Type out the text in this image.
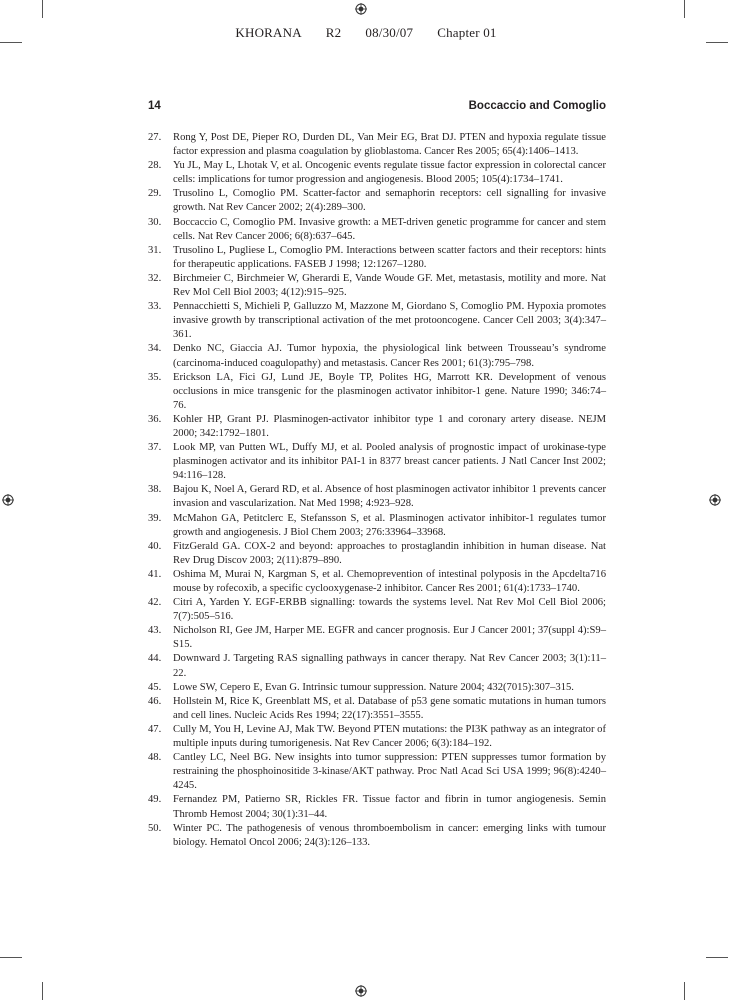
KHORANA R2 08/30/07 Chapter 01
14	Boccaccio and Comoglio
27. Rong Y, Post DE, Pieper RO, Durden DL, Van Meir EG, Brat DJ. PTEN and hypoxia regulate tissue factor expression and plasma coagulation by glioblastoma. Cancer Res 2005; 65(4):1406–1413.
28. Yu JL, May L, Lhotak V, et al. Oncogenic events regulate tissue factor expression in colorectal cancer cells: implications for tumor progression and angiogenesis. Blood 2005; 105(4):1734–1741.
29. Trusolino L, Comoglio PM. Scatter-factor and semaphorin receptors: cell signalling for invasive growth. Nat Rev Cancer 2002; 2(4):289–300.
30. Boccaccio C, Comoglio PM. Invasive growth: a MET-driven genetic programme for cancer and stem cells. Nat Rev Cancer 2006; 6(8):637–645.
31. Trusolino L, Pugliese L, Comoglio PM. Interactions between scatter factors and their receptors: hints for therapeutic applications. FASEB J 1998; 12:1267–1280.
32. Birchmeier C, Birchmeier W, Gherardi E, Vande Woude GF. Met, metastasis, motility and more. Nat Rev Mol Cell Biol 2003; 4(12):915–925.
33. Pennacchietti S, Michieli P, Galluzzo M, Mazzone M, Giordano S, Comoglio PM. Hypoxia promotes invasive growth by transcriptional activation of the met protooncogene. Cancer Cell 2003; 3(4):347–361.
34. Denko NC, Giaccia AJ. Tumor hypoxia, the physiological link between Trousseau’s syndrome (carcinoma-induced coagulopathy) and metastasis. Cancer Res 2001; 61(3):795–798.
35. Erickson LA, Fici GJ, Lund JE, Boyle TP, Polites HG, Marrott KR. Development of venous occlusions in mice transgenic for the plasminogen activator inhibitor-1 gene. Nature 1990; 346:74–76.
36. Kohler HP, Grant PJ. Plasminogen-activator inhibitor type 1 and coronary artery disease. NEJM 2000; 342:1792–1801.
37. Look MP, van Putten WL, Duffy MJ, et al. Pooled analysis of prognostic impact of urokinase-type plasminogen activator and its inhibitor PAI-1 in 8377 breast cancer patients. J Natl Cancer Inst 2002; 94:116–128.
38. Bajou K, Noel A, Gerard RD, et al. Absence of host plasminogen activator inhibitor 1 prevents cancer invasion and vascularization. Nat Med 1998; 4:923–928.
39. McMahon GA, Petitclerc E, Stefansson S, et al. Plasminogen activator inhibitor-1 regulates tumor growth and angiogenesis. J Biol Chem 2003; 276:33964–33968.
40. FitzGerald GA. COX-2 and beyond: approaches to prostaglandin inhibition in human disease. Nat Rev Drug Discov 2003; 2(11):879–890.
41. Oshima M, Murai N, Kargman S, et al. Chemoprevention of intestinal polyposis in the Apcdelta716 mouse by rofecoxib, a specific cyclooxygenase-2 inhibitor. Cancer Res 2001; 61(4):1733–1740.
42. Citri A, Yarden Y. EGF-ERBB signalling: towards the systems level. Nat Rev Mol Cell Biol 2006; 7(7):505–516.
43. Nicholson RI, Gee JM, Harper ME. EGFR and cancer prognosis. Eur J Cancer 2001; 37(suppl 4):S9–S15.
44. Downward J. Targeting RAS signalling pathways in cancer therapy. Nat Rev Cancer 2003; 3(1):11–22.
45. Lowe SW, Cepero E, Evan G. Intrinsic tumour suppression. Nature 2004; 432(7015):307–315.
46. Hollstein M, Rice K, Greenblatt MS, et al. Database of p53 gene somatic mutations in human tumors and cell lines. Nucleic Acids Res 1994; 22(17):3551–3555.
47. Cully M, You H, Levine AJ, Mak TW. Beyond PTEN mutations: the PI3K pathway as an integrator of multiple inputs during tumorigenesis. Nat Rev Cancer 2006; 6(3):184–192.
48. Cantley LC, Neel BG. New insights into tumor suppression: PTEN suppresses tumor formation by restraining the phosphoinositide 3-kinase/AKT pathway. Proc Natl Acad Sci USA 1999; 96(8):4240–4245.
49. Fernandez PM, Patierno SR, Rickles FR. Tissue factor and fibrin in tumor angiogenesis. Semin Thromb Hemost 2004; 30(1):31–44.
50. Winter PC. The pathogenesis of venous thromboembolism in cancer: emerging links with tumour biology. Hematol Oncol 2006; 24(3):126–133.
